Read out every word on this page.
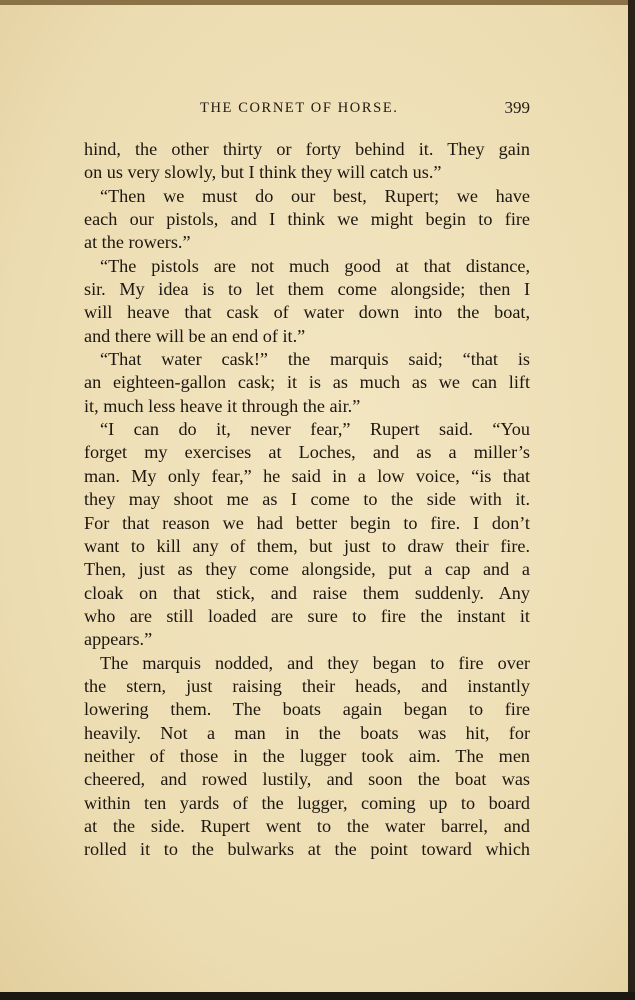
THE CORNET OF HORSE.	399
hind, the other thirty or forty behind it. They gain
on us very slowly, but I think they will catch us.”
“Then we must do our best, Rupert; we have
each our pistols, and I think we might begin to fire
at the rowers.”
“The pistols are not much good at that distance,
sir. My idea is to let them come alongside; then I
will heave that cask of water down into the boat,
and there will be an end of it.”
“That water cask!” the marquis said; “that is
an eighteen-gallon cask; it is as much as we can lift
it, much less heave it through the air.”
“I can do it, never fear,” Rupert said. “You
forget my exercises at Loches, and as a miller’s
man. My only fear,” he said in a low voice, “is that
they may shoot me as I come to the side with it.
For that reason we had better begin to fire. I don’t
want to kill any of them, but just to draw their fire.
Then, just as they come alongside, put a cap and a
cloak on that stick, and raise them suddenly. Any
who are still loaded are sure to fire the instant it
appears.”
The marquis nodded, and they began to fire over
the stern, just raising their heads, and instantly
lowering them. The boats again began to fire
heavily. Not a man in the boats was hit, for
neither of those in the lugger took aim. The men
cheered, and rowed lustily, and soon the boat was
within ten yards of the lugger, coming up to board
at the side. Rupert went to the water barrel, and
rolled it to the bulwarks at the point toward which
